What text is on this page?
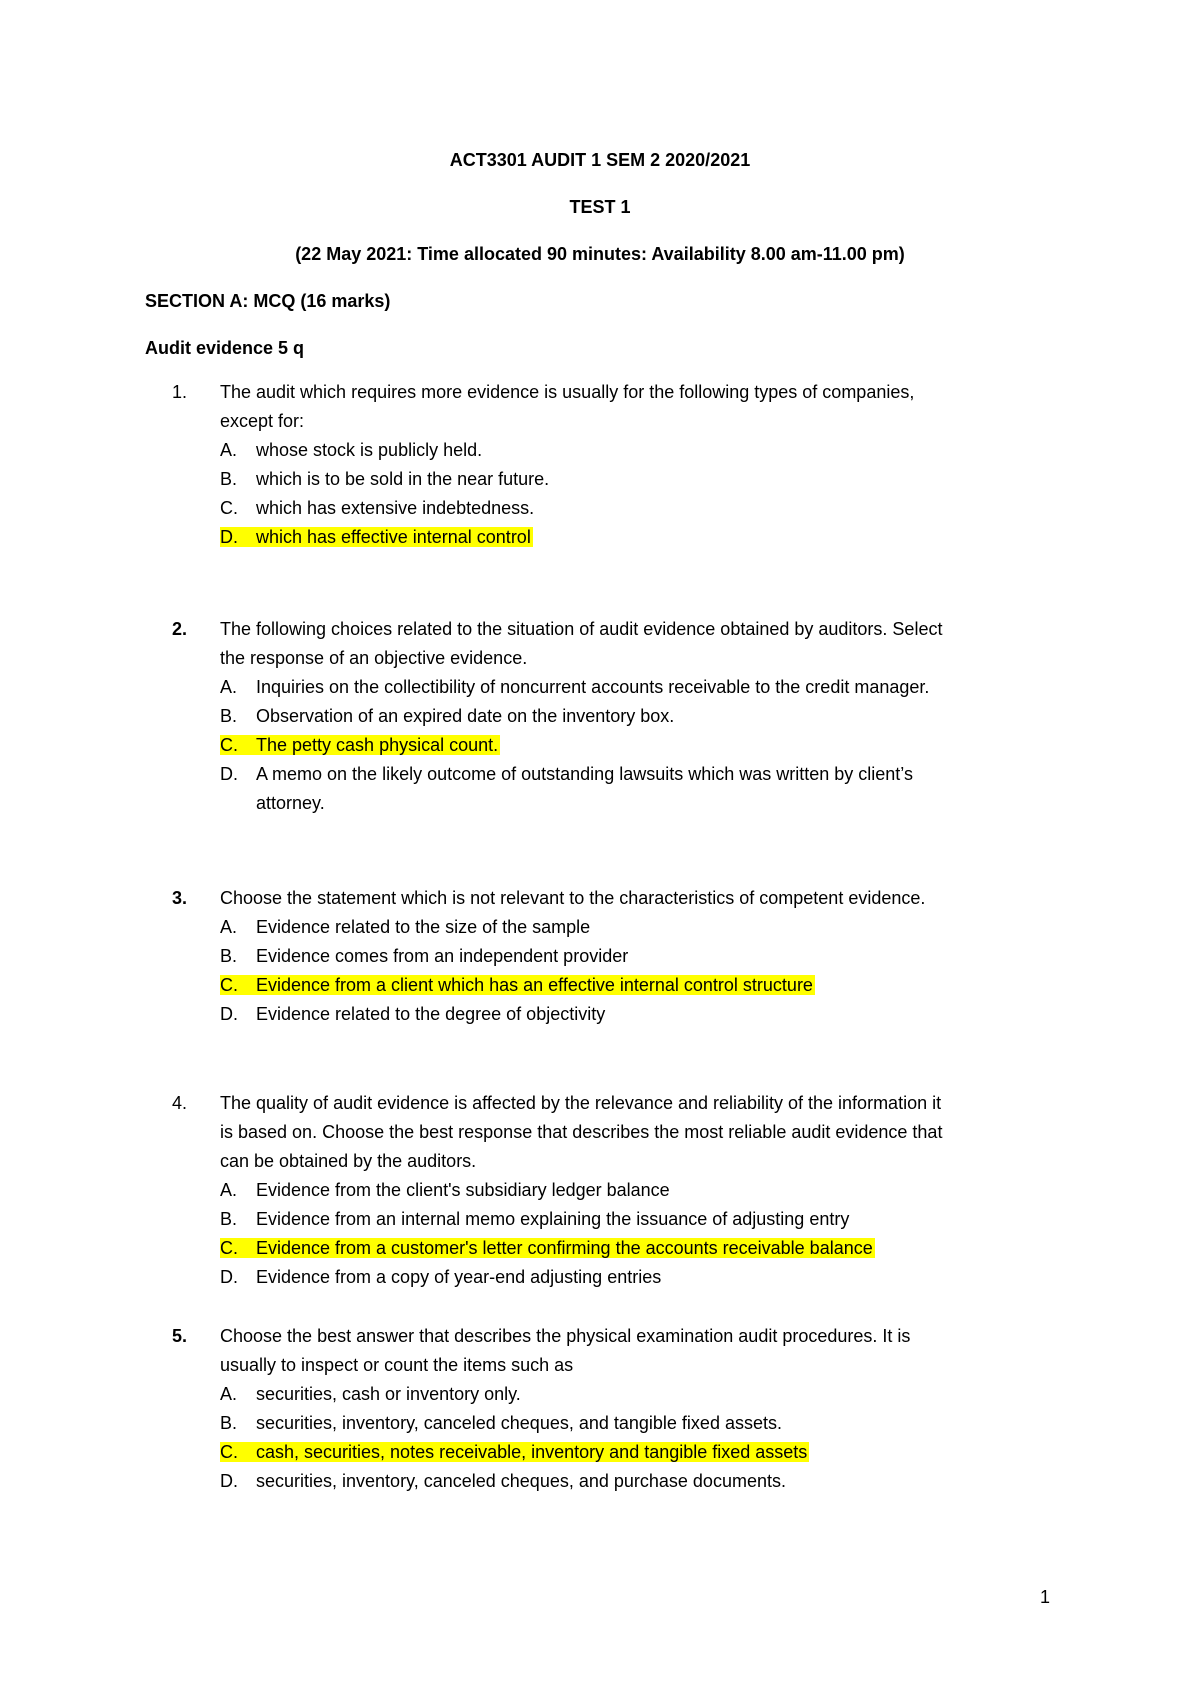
ACT3301 AUDIT 1 SEM 2 2020/2021
TEST 1
(22 May 2021: Time allocated 90 minutes: Availability 8.00 am-11.00 pm)
SECTION A: MCQ (16 marks)
Audit evidence 5 q
1.	The audit which requires more evidence is usually for the following types of companies,
except for:
A. whose stock is publicly held.
B. which is to be sold in the near future.
C. which has extensive indebtedness.
D. which has effective internal control
2.	The following choices related to the situation of audit evidence obtained by auditors. Select
the response of an objective evidence.
A. Inquiries on the collectibility of noncurrent accounts receivable to the credit manager.
B. Observation of an expired date on the inventory box.
C. The petty cash physical count.
D. A memo on the likely outcome of outstanding lawsuits which was written by client’s
attorney.
3.	Choose the statement which is not relevant to the characteristics of competent evidence.
A. Evidence related to the size of the sample
B. Evidence comes from an independent provider
C. Evidence from a client which has an effective internal control structure
D. Evidence related to the degree of objectivity
4.	The quality of audit evidence is affected by the relevance and reliability of the information it
is based on. Choose the best response that describes the most reliable audit evidence that
can be obtained by the auditors.
A. Evidence from the client's subsidiary ledger balance
B. Evidence from an internal memo explaining the issuance of adjusting entry
C. Evidence from a customer's letter confirming the accounts receivable balance
D. Evidence from a copy of year-end adjusting entries
5.	Choose the best answer that describes the physical examination audit procedures. It is
usually to inspect or count the items such as
A. securities, cash or inventory only.
B. securities, inventory, canceled cheques, and tangible fixed assets.
C. cash, securities, notes receivable, inventory and tangible fixed assets
D. securities, inventory, canceled cheques, and purchase documents.
1
